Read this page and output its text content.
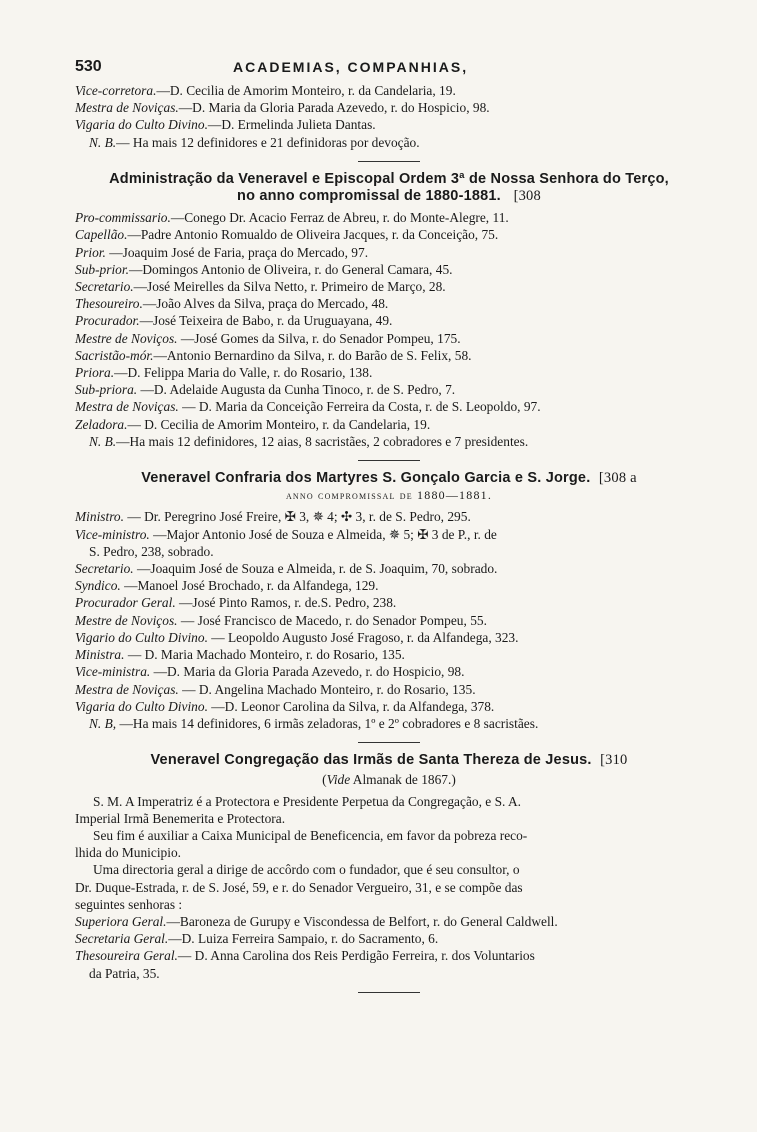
530	ACADEMIAS, COMPANHIAS,
Vice-corretora.—D. Cecilia de Amorim Monteiro, r. da Candelaria, 19.
Mestra de Noviças.—D. Maria da Gloria Parada Azevedo, r. do Hospicio, 98.
Vigaria do Culto Divino.—D. Ermelinda Julieta Dantas.
N. B.— Ha mais 12 definidores e 21 definidoras por devoção.
Administração da Veneravel e Episcopal Ordem 3ª de Nossa Senhora do Terço,
no anno compromissal de 1880-1881. [308
Pro-commissario.—Conego Dr. Acacio Ferraz de Abreu, r. do Monte-Alegre, 11.
Capellão.—Padre Antonio Romualdo de Oliveira Jacques, r. da Conceição, 75.
Prior. —Joaquim José de Faria, praça do Mercado, 97.
Sub-prior.—Domingos Antonio de Oliveira, r. do General Camara, 45.
Secretario.—José Meirelles da Silva Netto, r. Primeiro de Março, 28.
Thesoureiro.—João Alves da Silva, praça do Mercado, 48.
Procurador.—José Teixeira de Babo, r. da Uruguayana, 49.
Mestre de Noviços. —José Gomes da Silva, r. do Senador Pompeu, 175.
Sacristão-mór.—Antonio Bernardino da Silva, r. do Barão de S. Felix, 58.
Priora.—D. Felippa Maria do Valle, r. do Rosario, 138.
Sub-priora. —D. Adelaide Augusta da Cunha Tinoco, r. de S. Pedro, 7.
Mestra de Noviças. — D. Maria da Conceição Ferreira da Costa, r. de S. Leopoldo, 97.
Zeladora.— D. Cecilia de Amorim Monteiro, r. da Candelaria, 19.
N. B.—Ha mais 12 definidores, 12 aias, 8 sacristães, 2 cobradores e 7 presidentes.
Veneravel Confraria dos Martyres S. Gonçalo Garcia e S. Jorge. [308 a
anno compromissal de 1880—1881.
Ministro. — Dr. Peregrino José Freire, ✠ 3, ✵ 4; ✣ 3, r. de S. Pedro, 295.
Vice-ministro. —Major Antonio José de Souza e Almeida, ✵ 5; ✠ 3 de P., r. de
S. Pedro, 238, sobrado.
Secretario. —Joaquim José de Souza e Almeida, r. de S. Joaquim, 70, sobrado.
Syndico. —Manoel José Brochado, r. da Alfandega, 129.
Procurador Geral. —José Pinto Ramos, r. de.S. Pedro, 238.
Mestre de Noviços. — José Francisco de Macedo, r. do Senador Pompeu, 55.
Vigario do Culto Divino. — Leopoldo Augusto José Fragoso, r. da Alfandega, 323.
Ministra. — D. Maria Machado Monteiro, r. do Rosario, 135.
Vice-ministra. —D. Maria da Gloria Parada Azevedo, r. do Hospicio, 98.
Mestra de Noviças. — D. Angelina Machado Monteiro, r. do Rosario, 135.
Vigaria do Culto Divino. —D. Leonor Carolina da Silva, r. da Alfandega, 378.
N. B, —Ha mais 14 definidores, 6 irmãs zeladoras, 1º e 2º cobradores e 8 sacristães.
Veneravel Congregação das Irmãs de Santa Thereza de Jesus. [310
(Vide Almanak de 1867.)
S. M. A Imperatriz é a Protectora e Presidente Perpetua da Congregação, e S. A.
Imperial Irmã Benemerita e Protectora.
Seu fim é auxiliar a Caixa Municipal de Beneficencia, em favor da pobreza reco-
lhida do Municipio.
Uma directoria geral a dirige de accôrdo com o fundador, que é seu consultor, o
Dr. Duque-Estrada, r. de S. José, 59, e r. do Senador Vergueiro, 31, e se compõe das
seguintes senhoras :
Superiora Geral.—Baroneza de Gurupy e Viscondessa de Belfort, r. do General Caldwell.
Secretaria Geral.—D. Luiza Ferreira Sampaio, r. do Sacramento, 6.
Thesoureira Geral.— D. Anna Carolina dos Reis Perdigão Ferreira, r. dos Voluntarios
da Patria, 35.
